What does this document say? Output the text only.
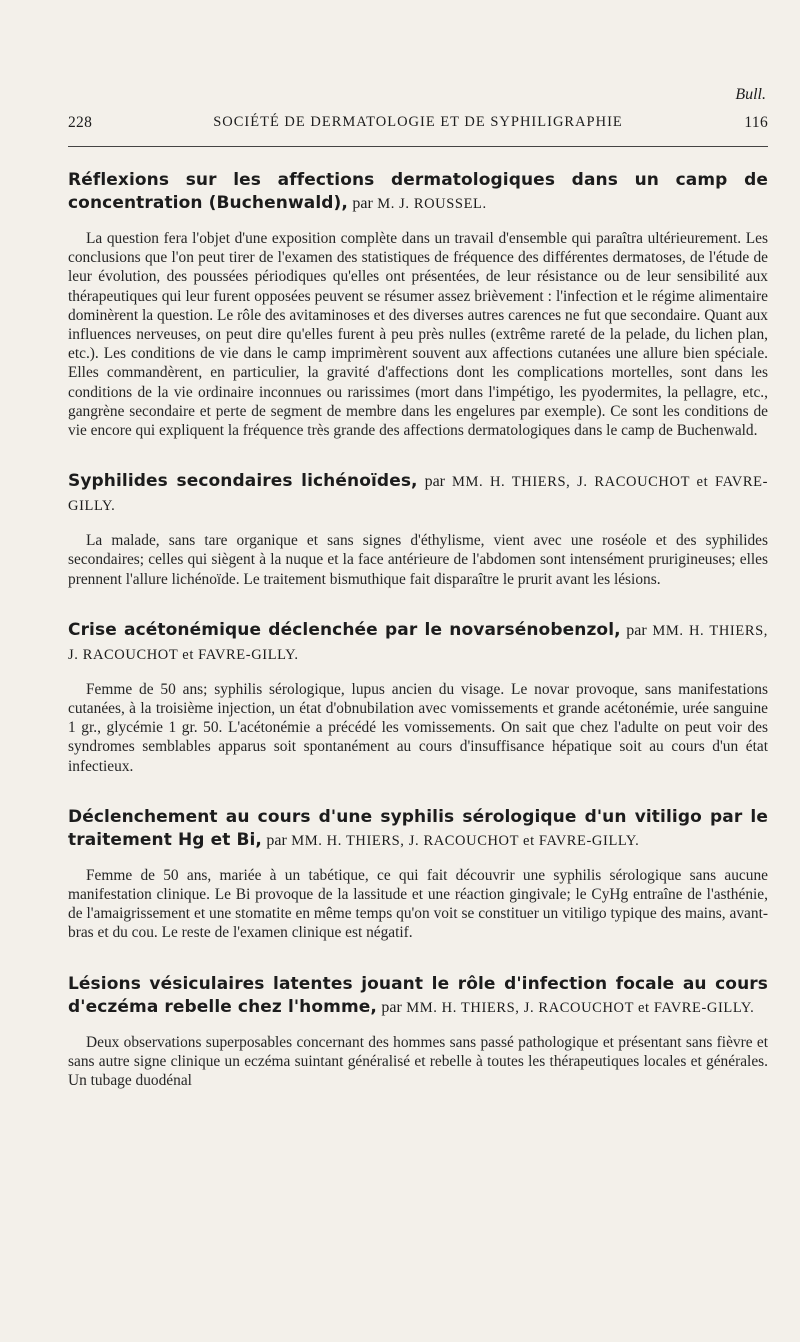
Bull.
228	SOCIÉTÉ DE DERMATOLOGIE ET DE SYPHILIGRAPHIE	116

Réflexions sur les affections dermatologiques dans un camp de concentration (Buchenwald), par M. J. ROUSSEL.

La question fera l'objet d'une exposition complète dans un travail d'ensemble qui paraîtra ultérieurement. Les conclusions que l'on peut tirer de l'examen des statistiques de fréquence des différentes dermatoses, de l'étude de leur évolution, des poussées périodiques qu'elles ont présentées, de leur résistance ou de leur sensibilité aux thérapeutiques qui leur furent opposées peuvent se résumer assez brièvement : l'infection et le régime alimentaire dominèrent la question. Le rôle des avitaminoses et des diverses autres carences ne fut que secondaire. Quant aux influences nerveuses, on peut dire qu'elles furent à peu près nulles (extrême rareté de la pelade, du lichen plan, etc.). Les conditions de vie dans le camp imprimèrent souvent aux affections cutanées une allure bien spéciale. Elles commandèrent, en particulier, la gravité d'affections dont les complications mortelles, sont dans les conditions de la vie ordinaire inconnues ou rarissimes (mort dans l'impétigo, les pyodermites, la pellagre, etc., gangrène secondaire et perte de segment de membre dans les engelures par exemple). Ce sont les conditions de vie encore qui expliquent la fréquence très grande des affections dermatologiques dans le camp de Buchenwald.

Syphilides secondaires lichénoïdes, par MM. H. THIERS, J. RACOUCHOT et FAVRE-GILLY.

La malade, sans tare organique et sans signes d'éthylisme, vient avec une roséole et des syphilides secondaires; celles qui siègent à la nuque et la face antérieure de l'abdomen sont intensément prurigineuses; elles prennent l'allure lichénoïde. Le traitement bismuthique fait disparaître le prurit avant les lésions.

Crise acétonémique déclenchée par le novarsénobenzol, par MM. H. THIERS, J. RACOUCHOT et FAVRE-GILLY.

Femme de 50 ans; syphilis sérologique, lupus ancien du visage. Le novar provoque, sans manifestations cutanées, à la troisième injection, un état d'obnubilation avec vomissements et grande acétonémie, urée sanguine 1 gr., glycémie 1 gr. 50. L'acétonémie a précédé les vomissements. On sait que chez l'adulte on peut voir des syndromes semblables apparus soit spontanément au cours d'insuffisance hépatique soit au cours d'un état infectieux.

Déclenchement au cours d'une syphilis sérologique d'un vitiligo par le traitement Hg et Bi, par MM. H. THIERS, J. RACOUCHOT et FAVRE-GILLY.

Femme de 50 ans, mariée à un tabétique, ce qui fait découvrir une syphilis sérologique sans aucune manifestation clinique. Le Bi provoque de la lassitude et une réaction gingivale; le CyHg entraîne de l'asthénie, de l'amaigrissement et une stomatite en même temps qu'on voit se constituer un vitiligo typique des mains, avant-bras et du cou. Le reste de l'examen clinique est négatif.

Lésions vésiculaires latentes jouant le rôle d'infection focale au cours d'eczéma rebelle chez l'homme, par MM. H. THIERS, J. RACOUCHOT et FAVRE-GILLY.

Deux observations superposables concernant des hommes sans passé pathologique et présentant sans fièvre et sans autre signe clinique un eczéma suintant généralisé et rebelle à toutes les thérapeutiques locales et générales. Un tubage duodénal
